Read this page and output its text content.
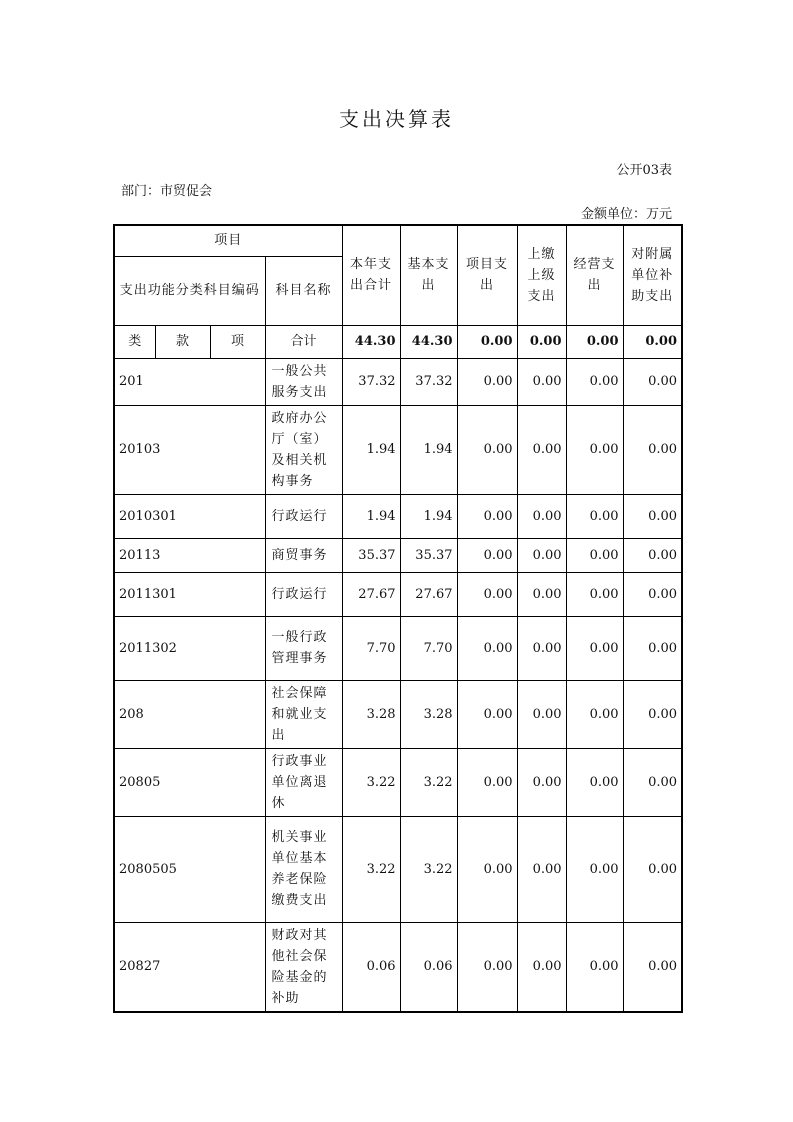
支出决算表
公开03表
部门：市贸促会
金额单位：万元
项目				本年支出合计	基本支出	项目支出	上缴上级支出	经营支出	对附属单位补助支出
支出功能分类科目编码			科目名称						
类	款	项	合计	44.30	44.30	0.00	0.00	0.00	0.00
201			一般公共服务支出	37.32	37.32	0.00	0.00	0.00	0.00
20103			政府办公厅（室）及相关机构事务	1.94	1.94	0.00	0.00	0.00	0.00
2010301			行政运行	1.94	1.94	0.00	0.00	0.00	0.00
20113			商贸事务	35.37	35.37	0.00	0.00	0.00	0.00
2011301			行政运行	27.67	27.67	0.00	0.00	0.00	0.00
2011302			一般行政管理事务	7.70	7.70	0.00	0.00	0.00	0.00
208			社会保障和就业支出	3.28	3.28	0.00	0.00	0.00	0.00
20805			行政事业单位离退休	3.22	3.22	0.00	0.00	0.00	0.00
2080505			机关事业单位基本养老保险缴费支出	3.22	3.22	0.00	0.00	0.00	0.00
20827			财政对其他社会保险基金的补助	0.06	0.06	0.00	0.00	0.00	0.00
